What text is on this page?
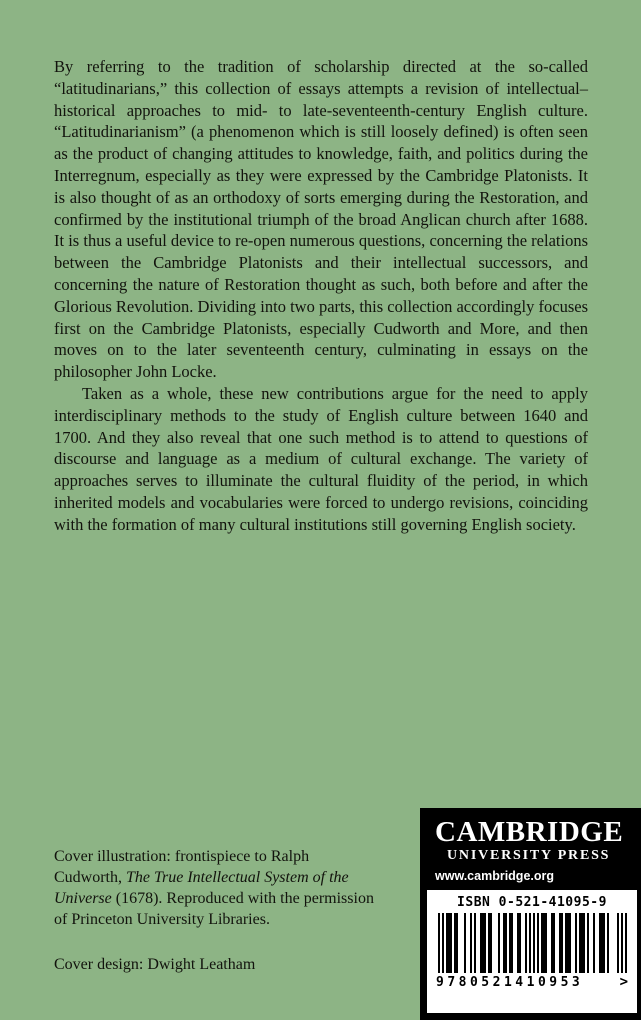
By referring to the tradition of scholarship directed at the so-called “latitudinarians,” this collection of essays attempts a revision of intellectual–historical approaches to mid- to late-seventeenth-century English culture. “Latitudinarianism” (a phenomenon which is still loosely defined) is often seen as the product of changing attitudes to knowledge, faith, and politics during the Interregnum, especially as they were expressed by the Cambridge Platonists. It is also thought of as an orthodoxy of sorts emerging during the Restoration, and confirmed by the institutional triumph of the broad Anglican church after 1688. It is thus a useful device to re-open numerous questions, concerning the relations between the Cambridge Platonists and their intellectual successors, and concerning the nature of Restoration thought as such, both before and after the Glorious Revolution. Dividing into two parts, this collection accordingly focuses first on the Cambridge Platonists, especially Cudworth and More, and then moves on to the later seventeenth century, culminating in essays on the philosopher John Locke.

Taken as a whole, these new contributions argue for the need to apply interdisciplinary methods to the study of English culture between 1640 and 1700. And they also reveal that one such method is to attend to questions of discourse and language as a medium of cultural exchange. The variety of approaches serves to illuminate the cultural fluidity of the period, in which inherited models and vocabularies were forced to undergo revisions, coinciding with the formation of many cultural institutions still governing English society.

Cover illustration: frontispiece to Ralph Cudworth, The True Intellectual System of the Universe (1678). Reproduced with the permission of Princeton University Libraries.

Cover design: Dwight Leatham

CAMBRIDGE
UNIVERSITY PRESS
www.cambridge.org
ISBN 0-521-41095-9
9780521410953	>
